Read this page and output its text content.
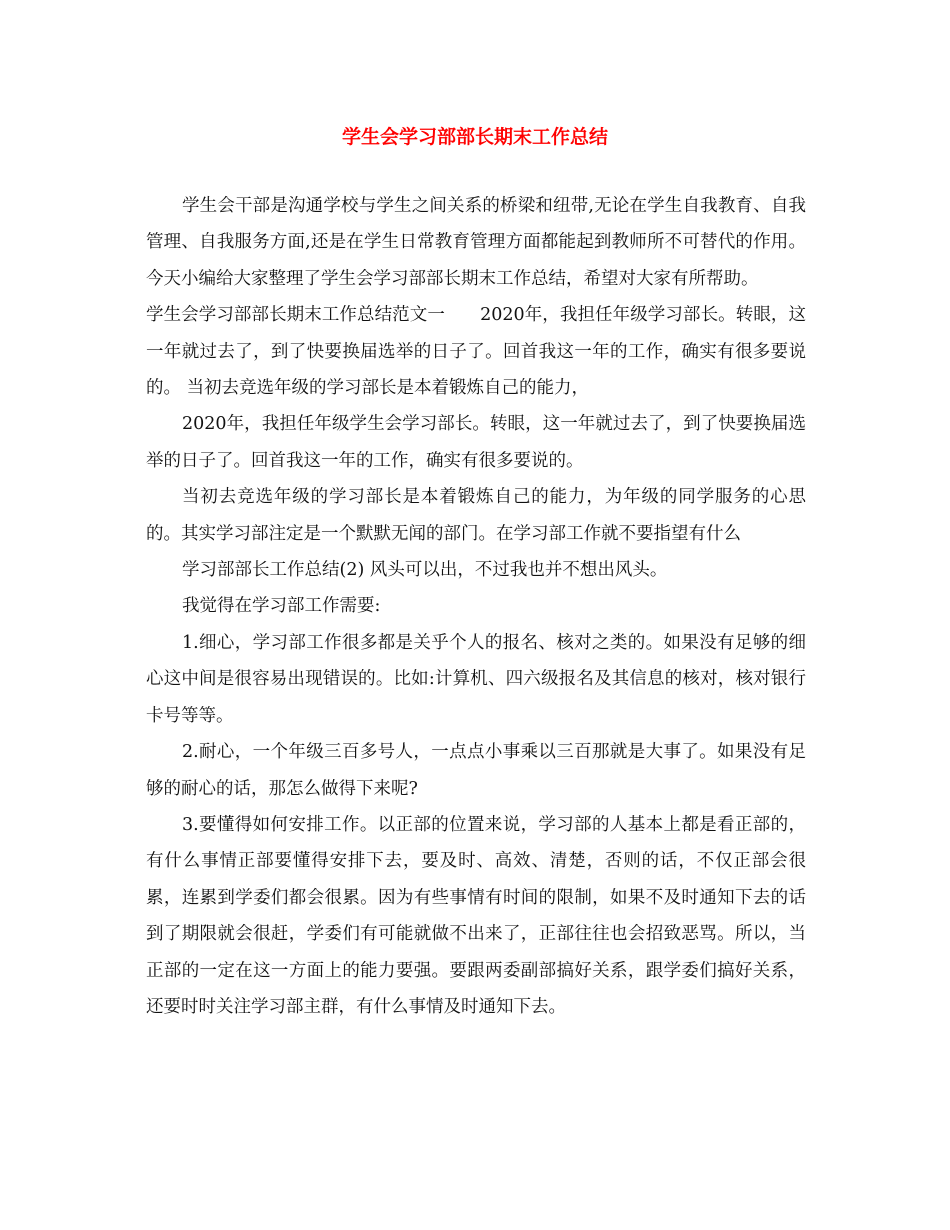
学生会学习部部长期末工作总结

学生会干部是沟通学校与学生之间关系的桥梁和纽带,无论在学生自我教育、自我管理、自我服务方面,还是在学生日常教育管理方面都能起到教师所不可替代的作用。今天小编给大家整理了学生会学习部部长期末工作总结，希望对大家有所帮助。

学生会学习部部长期末工作总结范文一　　2020年，我担任年级学习部长。转眼，这一年就过去了，到了快要换届选举的日子了。回首我这一年的工作，确实有很多要说的。 当初去竞选年级的学习部长是本着锻炼自己的能力，

2020年，我担任年级学生会学习部长。转眼，这一年就过去了，到了快要换届选举的日子了。回首我这一年的工作，确实有很多要说的。

当初去竞选年级的学习部长是本着锻炼自己的能力，为年级的同学服务的心思的。其实学习部注定是一个默默无闻的部门。在学习部工作就不要指望有什么

学习部部长工作总结(2) 风头可以出，不过我也并不想出风头。

我觉得在学习部工作需要:

1.细心，学习部工作很多都是关乎个人的报名、核对之类的。如果没有足够的细心这中间是很容易出现错误的。比如:计算机、四六级报名及其信息的核对，核对银行卡号等等。

2.耐心，一个年级三百多号人，一点点小事乘以三百那就是大事了。如果没有足够的耐心的话，那怎么做得下来呢?

3.要懂得如何安排工作。以正部的位置来说，学习部的人基本上都是看正部的，有什么事情正部要懂得安排下去，要及时、高效、清楚，否则的话，不仅正部会很累，连累到学委们都会很累。因为有些事情有时间的限制，如果不及时通知下去的话到了期限就会很赶，学委们有可能就做不出来了，正部往往也会招致恶骂。所以，当正部的一定在这一方面上的能力要强。要跟两委副部搞好关系，跟学委们搞好关系，还要时时关注学习部主群，有什么事情及时通知下去。
